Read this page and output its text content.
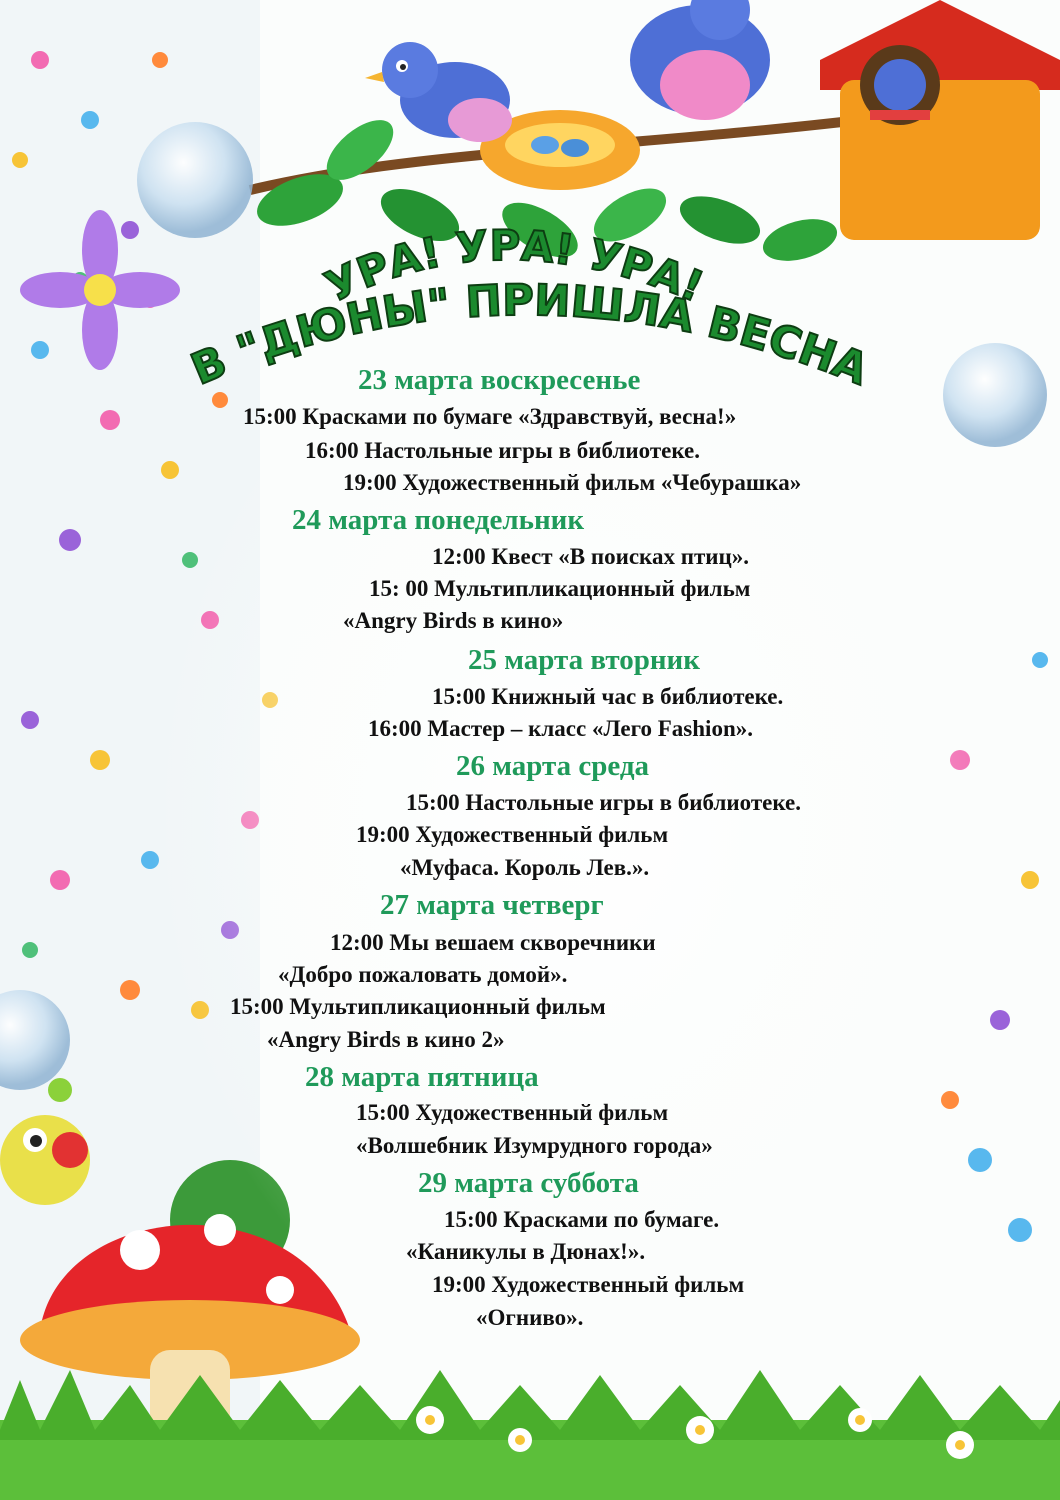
УРА! УРА! УРА!
В "ДЮНЫ" ПРИШЛА ВЕСНА
23 марта воскресенье
15:00 Красками по бумаге «Здравствуй, весна!»
16:00 Настольные игры в библиотеке.
19:00 Художественный фильм «Чебурашка»
24 марта понедельник
12:00 Квест «В поисках птиц».
15: 00 Мультипликационный фильм
«Angry Birds в кино»
25 марта вторник
15:00 Книжный час в библиотеке.
16:00 Мастер – класс «Лего Fashion».
26 марта среда
15:00 Настольные игры в библиотеке.
19:00 Художественный фильм
«Муфаса. Король Лев.».
27 марта четверг
12:00 Мы вешаем скворечники
«Добро пожаловать домой».
15:00 Мультипликационный фильм
«Angry Birds в кино 2»
28 марта пятница
15:00 Художественный фильм
«Волшебник Изумрудного города»
29 марта суббота
15:00 Красками по бумаге.
«Каникулы в Дюнах!».
19:00 Художественный фильм
«Огниво».
